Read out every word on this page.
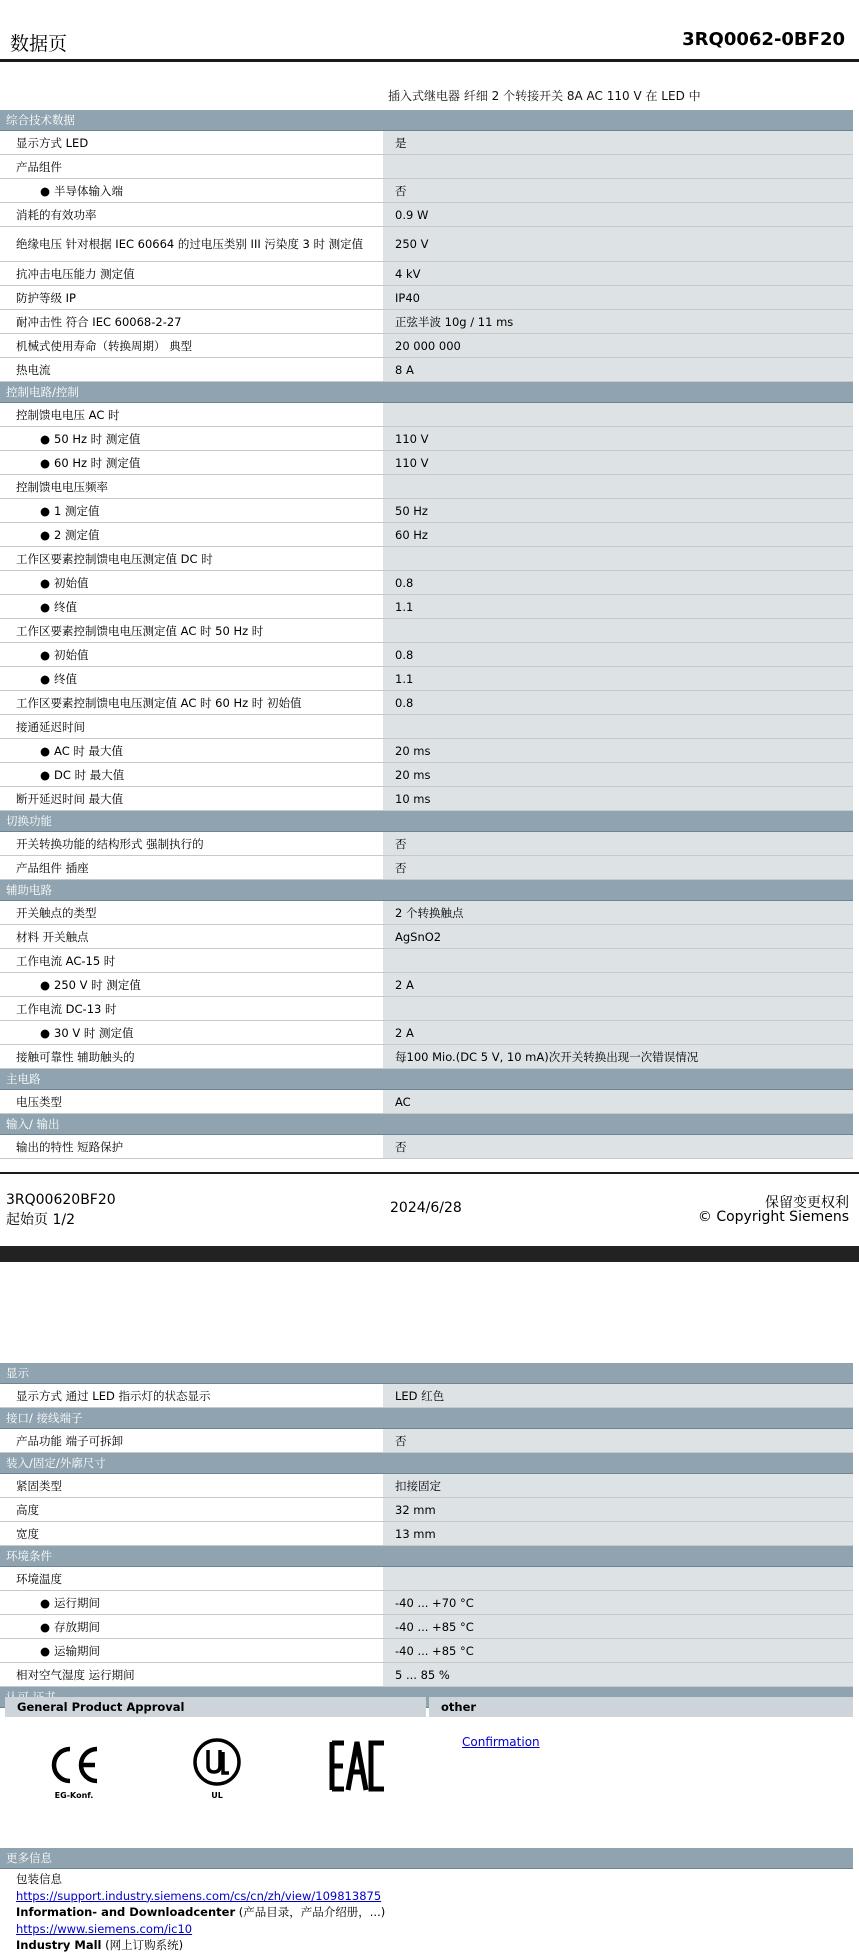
数据页	3RQ0062-0BF20
插入式继电器 纤细 2 个转接开关 8A AC 110 V 在 LED 中
综合技术数据	
显示方式 LED	是
产品组件	
● 半导体输入端	否
消耗的有效功率	0.9 W
绝缘电压 针对根据 IEC 60664 的过电压类别 III 污染度 3 时 测定值	250 V
抗冲击电压能力 测定值	4 kV
防护等级 IP	IP40
耐冲击性 符合 IEC 60068-2-27	正弦半波 10g / 11 ms
机械式使用寿命（转换周期） 典型	20 000 000
热电流	8 A
控制电路/控制	
控制馈电电压 AC 时	
● 50 Hz 时 测定值	110 V
● 60 Hz 时 测定值	110 V
控制馈电电压频率	
● 1 测定值	50 Hz
● 2 测定值	60 Hz
工作区要素控制馈电电压测定值 DC 时	
● 初始值	0.8
● 终值	1.1
工作区要素控制馈电电压测定值 AC 时 50 Hz 时	
● 初始值	0.8
● 终值	1.1
工作区要素控制馈电电压测定值 AC 时 60 Hz 时 初始值	0.8
接通延迟时间	
● AC 时 最大值	20 ms
● DC 时 最大值	20 ms
断开延迟时间 最大值	10 ms
切换功能	
开关转换功能的结构形式 强制执行的	否
产品组件 插座	否
辅助电路	
开关触点的类型	2 个转换触点
材料 开关触点	AgSnO2
工作电流 AC-15 时	
● 250 V 时 测定值	2 A
工作电流 DC-13 时	
● 30 V 时 测定值	2 A
接触可靠性 辅助触头的	每100 Mio.(DC 5 V, 10 mA)次开关转换出现一次错误情况
主电路	
电压类型	AC
输入/ 输出	
输出的特性 短路保护	否
3RQ00620BF20
起始页 1/2
2024/6/28	保留变更权利
© Copyright Siemens
显示	
显示方式 通过 LED 指示灯的状态显示	LED 红色
接口/ 接线端子	
产品功能 端子可拆卸	否
装入/固定/外廓尺寸	
紧固类型	扣接固定
高度	32 mm
宽度	13 mm
环境条件	
环境温度	
● 运行期间	-40 ... +70 °C
● 存放期间	-40 ... +85 °C
● 运输期间	-40 ... +85 °C
相对空气湿度 运行期间	5 ... 85 %

General Product Approval	other
EG-Konf.	UL
Confirmation
更多信息
包装信息
https://support.industry.siemens.com/cs/cn/zh/view/109813875
Information- and Downloadcenter (产品目录，产品介绍册，...)
https://www.siemens.com/ic10
Industry Mall (网上订购系统)
